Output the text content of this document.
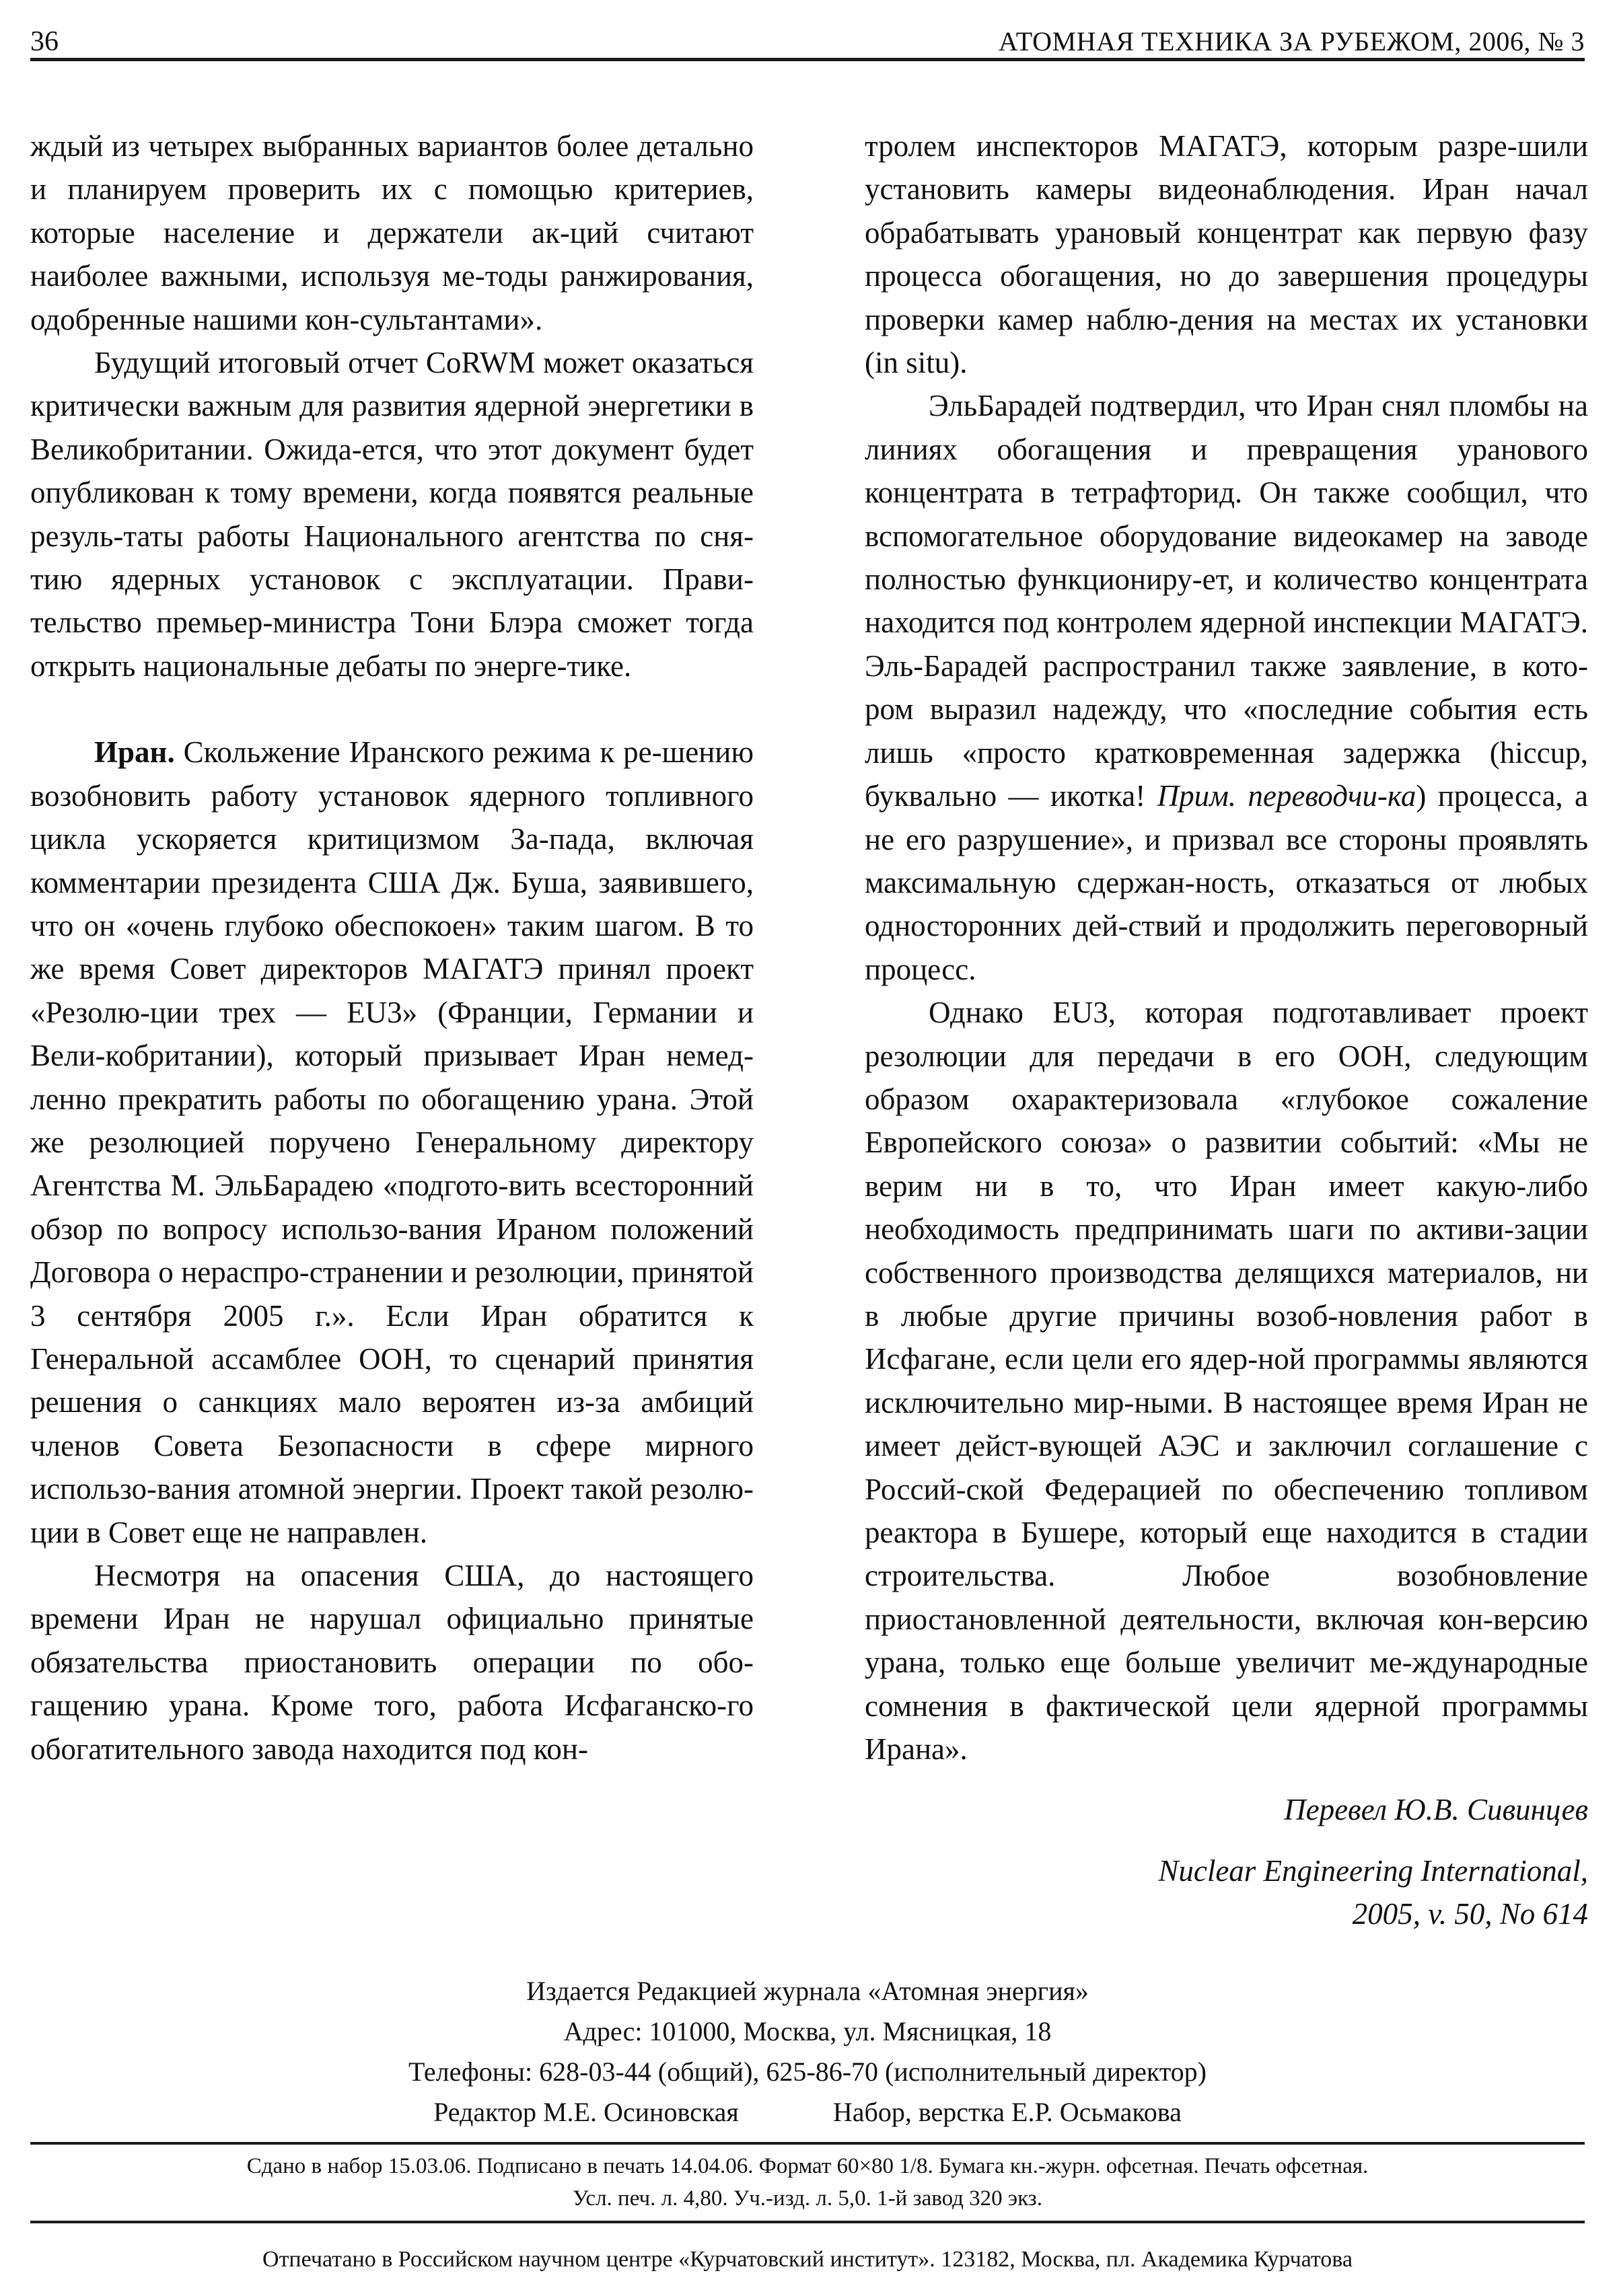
36	АТОМНАЯ ТЕХНИКА ЗА РУБЕЖОМ, 2006, № 3

ждый из четырех выбранных вариантов более детально и планируем проверить их с помощью критериев, которые население и держатели ак-ций считают наиболее важными, используя ме-тоды ранжирования, одобренные нашими кон-сультантами».

Будущий итоговый отчет CoRWM может оказаться критически важным для развития ядерной энергетики в Великобритании. Ожида-ется, что этот документ будет опубликован к тому времени, когда появятся реальные резуль-таты работы Национального агентства по сня-тию ядерных установок с эксплуатации. Прави-тельство премьер-министра Тони Блэра сможет тогда открыть национальные дебаты по энерге-тике.

Иран. Скольжение Иранского режима к ре-шению возобновить работу установок ядерного топливного цикла ускоряется критицизмом За-пада, включая комментарии президента США Дж. Буша, заявившего, что он «очень глубоко обеспокоен» таким шагом. В то же время Совет директоров МАГАТЭ принял проект «Резолю-ции трех — EU3» (Франции, Германии и Вели-кобритании), который призывает Иран немед-ленно прекратить работы по обогащению урана. Этой же резолюцией поручено Генеральному директору Агентства М. ЭльБарадею «подгото-вить всесторонний обзор по вопросу использо-вания Ираном положений Договора о нераспро-странении и резолюции, принятой 3 сентября 2005 г.». Если Иран обратится к Генеральной ассамблее ООН, то сценарий принятия решения о санкциях мало вероятен из-за амбиций членов Совета Безопасности в сфере мирного использо-вания атомной энергии. Проект такой резолю-ции в Совет еще не направлен.

Несмотря на опасения США, до настоящего времени Иран не нарушал официально принятые обязательства приостановить операции по обо-гащению урана. Кроме того, работа Исфаганско-го обогатительного завода находится под кон-

тролем инспекторов МАГАТЭ, которым разре-шили установить камеры видеонаблюдения. Иран начал обрабатывать урановый концентрат как первую фазу процесса обогащения, но до завершения процедуры проверки камер наблю-дения на местах их установки (in situ).

ЭльБарадей подтвердил, что Иран снял пломбы на линиях обогащения и превращения уранового концентрата в тетрафторид. Он также сообщил, что вспомогательное оборудование видеокамер на заводе полностью функциониру-ет, и количество концентрата находится под контролем ядерной инспекции МАГАТЭ. Эль-Барадей распространил также заявление, в кото-ром выразил надежду, что «последние события есть лишь «просто кратковременная задержка (hiccup, буквально — икотка! Прим. переводчи-ка) процесса, а не его разрушение», и призвал все стороны проявлять максимальную сдержан-ность, отказаться от любых односторонних дей-ствий и продолжить переговорный процесс.

Однако EU3, которая подготавливает проект резолюции для передачи в его ООН, следующим образом охарактеризовала «глубокое сожаление Европейского союза» о развитии событий: «Мы не верим ни в то, что Иран имеет какую-либо необходимость предпринимать шаги по активи-зации собственного производства делящихся материалов, ни в любые другие причины возоб-новления работ в Исфагане, если цели его ядер-ной программы являются исключительно мир-ными. В настоящее время Иран не имеет дейст-вующей АЭС и заключил соглашение с Россий-ской Федерацией по обеспечению топливом реактора в Бушере, который еще находится в стадии строительства. Любое возобновление приостановленной деятельности, включая кон-версию урана, только еще больше увеличит ме-ждународные сомнения в фактической цели ядерной программы Ирана».

Перевел Ю.В. Сивинцев
Nuclear Engineering International,
2005, v. 50, No 614
Издается Редакцией журнала «Атомная энергия»
Адрес: 101000, Москва, ул. Мясницкая, 18
Телефоны: 628-03-44 (общий), 625-86-70 (исполнительный директор)
Редактор М.Е. Осиновская	Набор, верстка Е.Р. Осьмакова
Сдано в набор 15.03.06. Подписано в печать 14.04.06. Формат 60×80 1/8. Бумага кн.-журн. офсетная. Печать офсетная.
Усл. печ. л. 4,80. Уч.-изд. л. 5,0. 1-й завод 320 экз.
Отпечатано в Российском научном центре «Курчатовский институт». 123182, Москва, пл. Академика Курчатова
